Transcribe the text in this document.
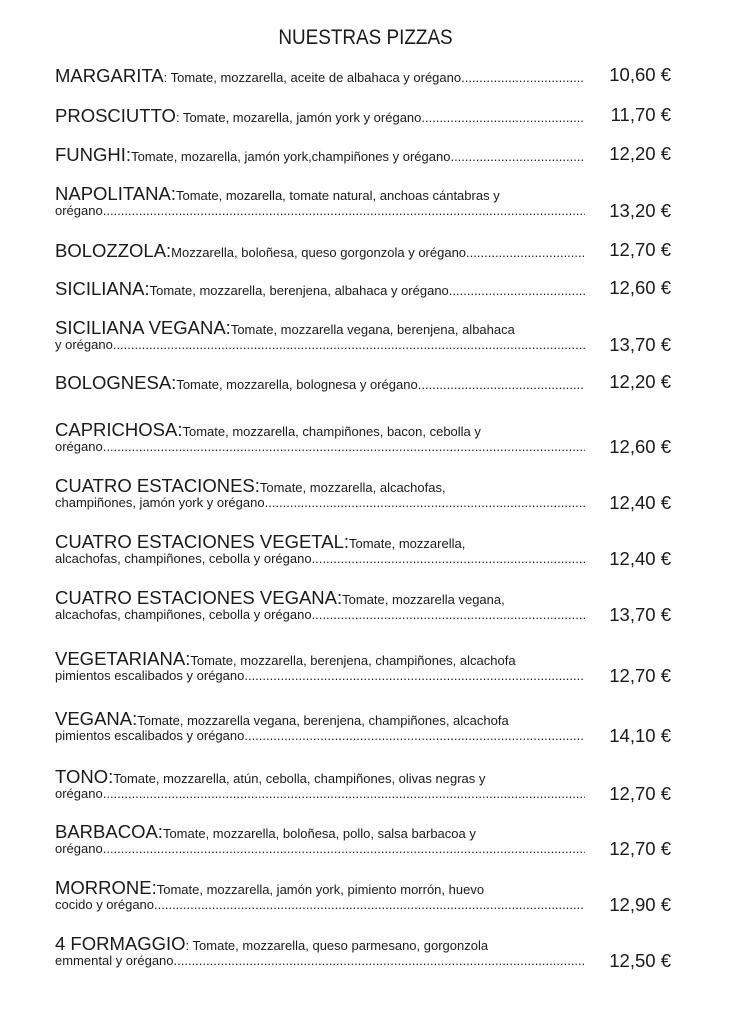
NUESTRAS PIZZAS
MARGARITA : Tomate, mozzarella, aceite de albahaca y orégano .....	10,60 €
PROSCIUTTO : Tomate, mozarella, jamón york y orégano .....	11,70 €
FUNGHI: Tomate, mozarella, jamón york,champiñones y orégano .....	12,20 €
NAPOLITANA: Tomate, mozarella, tomate natural, anchoas cántabras y
orégano .....	13,20 €
BOLOZZOLA: Mozzarella, boloñesa, queso gorgonzola y orégano .....	12,70 €
SICILIANA: Tomate, mozzarella, berenjena, albahaca y orégano .....	12,60 €
SICILIANA VEGANA: Tomate, mozzarella vegana, berenjena, albahaca
y orégano .....	13,70 €
BOLOGNESA: Tomate, mozzarella, bolognesa y orégano .....	12,20 €
CAPRICHOSA: Tomate, mozzarella, champiñones, bacon, cebolla y
orégano .....	12,60 €
CUATRO ESTACIONES: Tomate, mozzarella, alcachofas,
champiñones, jamón york y orégano .....	12,40 €
CUATRO ESTACIONES VEGETAL: Tomate, mozzarella,
alcachofas, champiñones, cebolla y orégano .....	12,40 €
CUATRO ESTACIONES VEGANA: Tomate, mozzarella vegana,
alcachofas, champiñones, cebolla y orégano .....	13,70 €
VEGETARIANA: Tomate, mozzarella, berenjena, champiñones, alcachofa
pimientos escalibados y orégano .....	12,70 €
VEGANA: Tomate, mozzarella vegana, berenjena, champiñones, alcachofa
pimientos escalibados y orégano .....	14,10 €
TONO: Tomate, mozzarella, atún, cebolla, champiñones, olivas negras y
orégano .....	12,70 €
BARBACOA: Tomate, mozzarella, boloñesa, pollo, salsa barbacoa y
orégano .....	12,70 €
MORRONE: Tomate, mozzarella, jamón york, pimiento morrón, huevo
cocido y orégano .....	12,90 €
4 FORMAGGIO : Tomate, mozzarella, queso parmesano, gorgonzola
emmental y orégano .....	12,50 €
